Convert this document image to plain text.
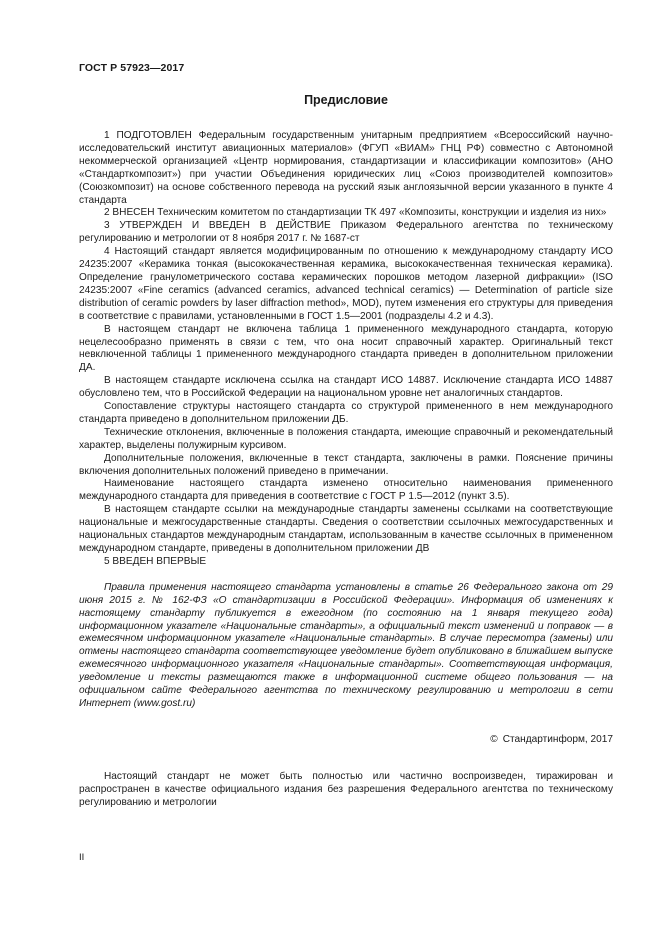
ГОСТ Р 57923—2017
Предисловие

1 ПОДГОТОВЛЕН Федеральным государственным унитарным предприятием «Всероссийский научно-исследовательский институт авиационных материалов» (ФГУП «ВИАМ» ГНЦ РФ) совместно с Автономной некоммерческой организацией «Центр нормирования, стандартизации и классификации композитов» (АНО «Стандарткомпозит») при участии Объединения юридических лиц «Союз производителей композитов» (Союзкомпозит) на основе собственного перевода на русский язык англоязычной версии указанного в пункте 4 стандарта

2 ВНЕСЕН Техническим комитетом по стандартизации ТК 497 «Композиты, конструкции и изделия из них»

3 УТВЕРЖДЕН И ВВЕДЕН В ДЕЙСТВИЕ Приказом Федерального агентства по техническому регулированию и метрологии от 8 ноября 2017 г. № 1687-ст

4 Настоящий стандарт является модифицированным по отношению к международному стандарту ИСО 24235:2007 «Керамика тонкая (высококачественная керамика, высококачественная техническая керамика). Определение гранулометрического состава керамических порошков методом лазерной дифракции» (ISO 24235:2007 «Fine ceramics (advanced ceramics, advanced technical ceramics) — Determination of particle size distribution of ceramic powders by laser diffraction method», MOD), путем изменения его структуры для приведения в соответствие с правилами, установленными в ГОСТ 1.5—2001 (подразделы 4.2 и 4.3).

В настоящем стандарт не включена таблица 1 примененного международного стандарта, которую нецелесообразно применять в связи с тем, что она носит справочный характер. Оригинальный текст невключенной таблицы 1 примененного международного стандарта приведен в дополнительном приложении ДА.

В настоящем стандарте исключена ссылка на стандарт ИСО 14887. Исключение стандарта ИСО 14887 обусловлено тем, что в Российской Федерации на национальном уровне нет аналогичных стандартов.

Сопоставление структуры настоящего стандарта со структурой примененного в нем международного стандарта приведено в дополнительном приложении ДБ.

Технические отклонения, включенные в положения стандарта, имеющие справочный и рекомендательный характер, выделены полужирным курсивом.

Дополнительные положения, включенные в текст стандарта, заключены в рамки. Пояснение причины включения дополнительных положений приведено в примечании.

Наименование настоящего стандарта изменено относительно наименования примененного международного стандарта для приведения в соответствие с ГОСТ Р 1.5—2012 (пункт 3.5).

В настоящем стандарте ссылки на международные стандарты заменены ссылками на соответствующие национальные и межгосударственные стандарты. Сведения о соответствии ссылочных межгосударственных и национальных стандартов международным стандартам, использованным в качестве ссылочных в примененном международном стандарте, приведены в дополнительном приложении ДВ

5 ВВЕДЕН ВПЕРВЫЕ

Правила применения настоящего стандарта установлены в статье 26 Федерального закона от 29 июня 2015 г. № 162-ФЗ «О стандартизации в Российской Федерации». Информация об изменениях к настоящему стандарту публикуется в ежегодном (по состоянию на 1 января текущего года) информационном указателе «Национальные стандарты», а официальный текст изменений и поправок — в ежемесячном информационном указателе «Национальные стандарты». В случае пересмотра (замены) или отмены настоящего стандарта соответствующее уведомление будет опубликовано в ближайшем выпуске ежемесячного информационного указателя «Национальные стандарты». Соответствующая информация, уведомление и тексты размещаются также в информационной системе общего пользования — на официальном сайте Федерального агентства по техническому регулированию и метрологии в сети Интернет (www.gost.ru)

© Стандартинформ, 2017

Настоящий стандарт не может быть полностью или частично воспроизведен, тиражирован и распространен в качестве официального издания без разрешения Федерального агентства по техническому регулированию и метрологии

II
